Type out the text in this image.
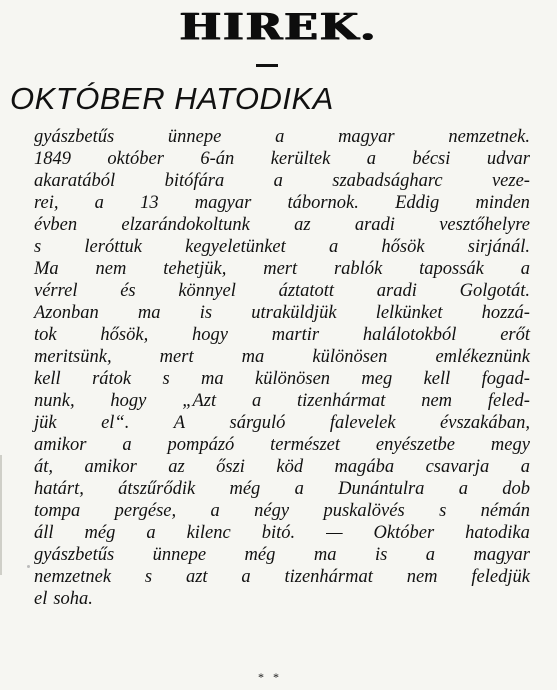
HIREK.
OKTÓBER HATODIKA
gyászbetűs	ünnepe	a	magyar	nemzetnek.
1849 október 6-án kerültek a bécsi udvar
akaratából	bitófára	a	szabadságharc	veze-
rei, a 13 magyar tábornok. Eddig minden
évben elzarándokoltunk az aradi vesztőhelyre
s leróttuk kegyeletünket a hősök sirjánál.
Ma nem tehetjük, mert rablók tapossák a
vérrel és könnyel áztatott aradi Golgotát.
Azonban ma is utraküldjük lelkünket hozzá-
tok hősök, hogy martir halálotokból erőt
meritsünk,	mert	ma	különösen	emlékeznünk
kell rátok s ma különösen meg kell fogad-
nunk, hogy „Azt a tizenhármat nem feled-
jük el“. A sárguló falevelek évszakában,
amikor a pompázó természet enyészetbe megy
át, amikor az őszi köd magába csavarja a
határt, átszűrődik még a Dunántulra a dob
tompa pergése, a négy puskalövés s némán
áll még a kilenc bitó. — Október hatodika
gyászbetűs ünnepe még ma is a magyar
nemzetnek s azt a tizenhármat nem feledjük
el soha.
* *
